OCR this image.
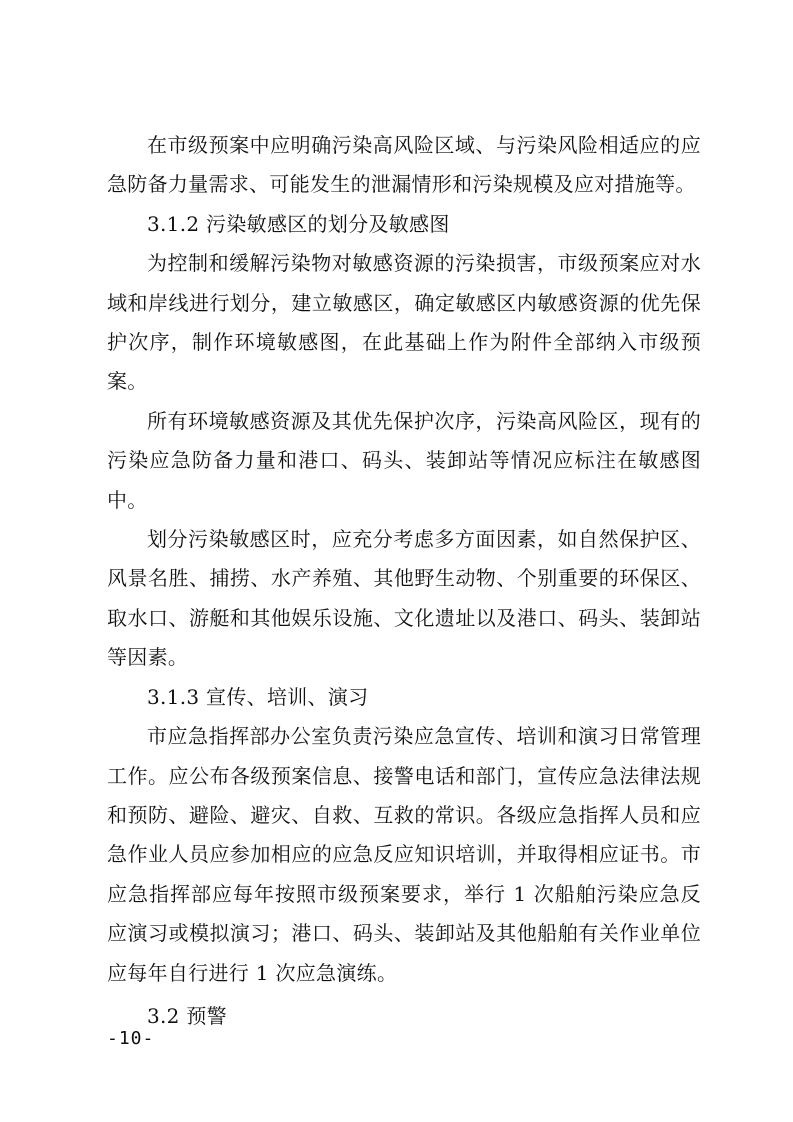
在市级预案中应明确污染高风险区域、与污染风险相适应的应急防备力量需求、可能发生的泄漏情形和污染规模及应对措施等。

3.1.2 污染敏感区的划分及敏感图

为控制和缓解污染物对敏感资源的污染损害，市级预案应对水域和岸线进行划分，建立敏感区，确定敏感区内敏感资源的优先保护次序，制作环境敏感图，在此基础上作为附件全部纳入市级预案。

所有环境敏感资源及其优先保护次序，污染高风险区，现有的污染应急防备力量和港口、码头、装卸站等情况应标注在敏感图中。

划分污染敏感区时，应充分考虑多方面因素，如自然保护区、风景名胜、捕捞、水产养殖、其他野生动物、个别重要的环保区、取水口、游艇和其他娱乐设施、文化遗址以及港口、码头、装卸站等因素。

3.1.3 宣传、培训、演习

市应急指挥部办公室负责污染应急宣传、培训和演习日常管理工作。应公布各级预案信息、接警电话和部门，宣传应急法律法规和预防、避险、避灾、自救、互救的常识。各级应急指挥人员和应急作业人员应参加相应的应急反应知识培训，并取得相应证书。市应急指挥部应每年按照市级预案要求，举行 1 次船舶污染应急反应演习或模拟演习；港口、码头、装卸站及其他船舶有关作业单位应每年自行进行 1 次应急演练。

3.2 预警

-10-
